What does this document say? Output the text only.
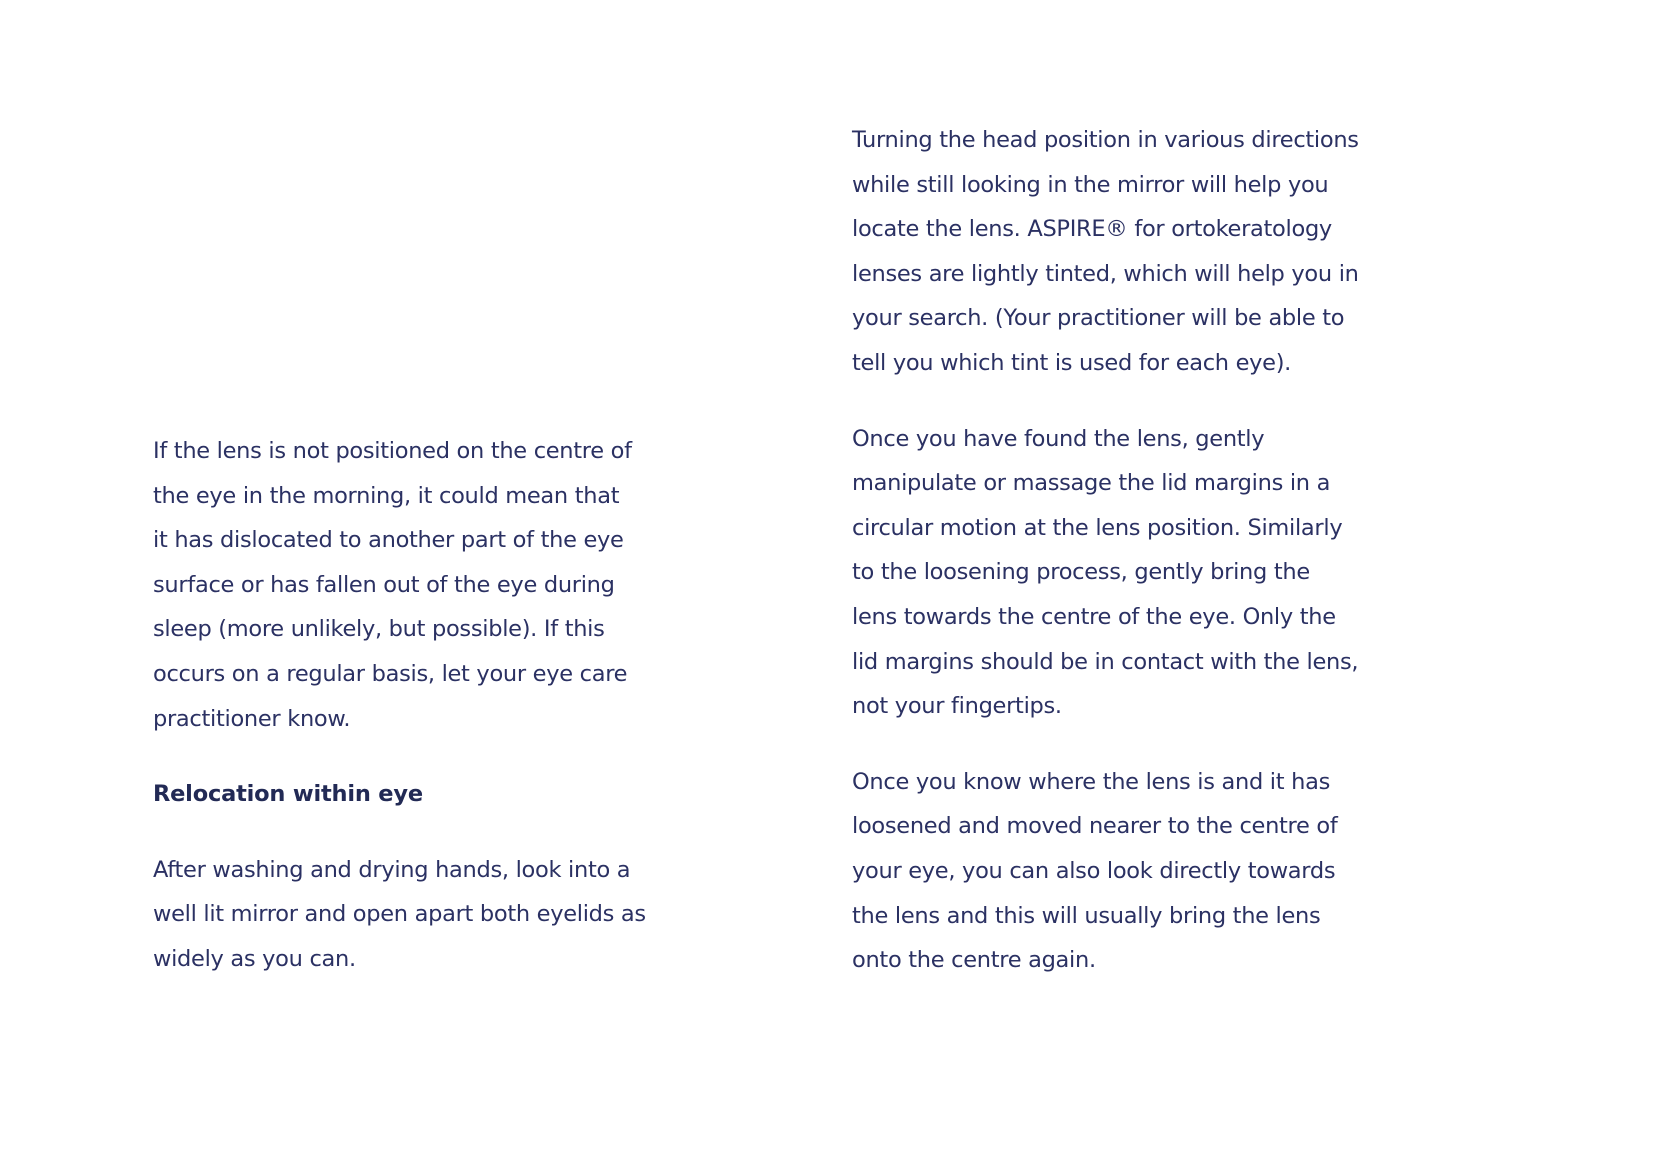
If the lens is not positioned on the centre of
the eye in the morning, it could mean that
it has dislocated to another part of the eye
surface or has fallen out of the eye during
sleep (more unlikely, but possible). If this
occurs on a regular basis, let your eye care
practitioner know.

Relocation within eye

After washing and drying hands, look into a
well lit mirror and open apart both eyelids as
widely as you can.

Turning the head position in various directions
while still looking in the mirror will help you
locate the lens. ASPIRE® for ortokeratology
lenses are lightly tinted, which will help you in
your search. (Your practitioner will be able to
tell you which tint is used for each eye).

Once you have found the lens, gently
manipulate or massage the lid margins in a
circular motion at the lens position. Similarly
to the loosening process, gently bring the
lens towards the centre of the eye. Only the
lid margins should be in contact with the lens,
not your fingertips.

Once you know where the lens is and it has
loosened and moved nearer to the centre of
your eye, you can also look directly towards
the lens and this will usually bring the lens
onto the centre again.
